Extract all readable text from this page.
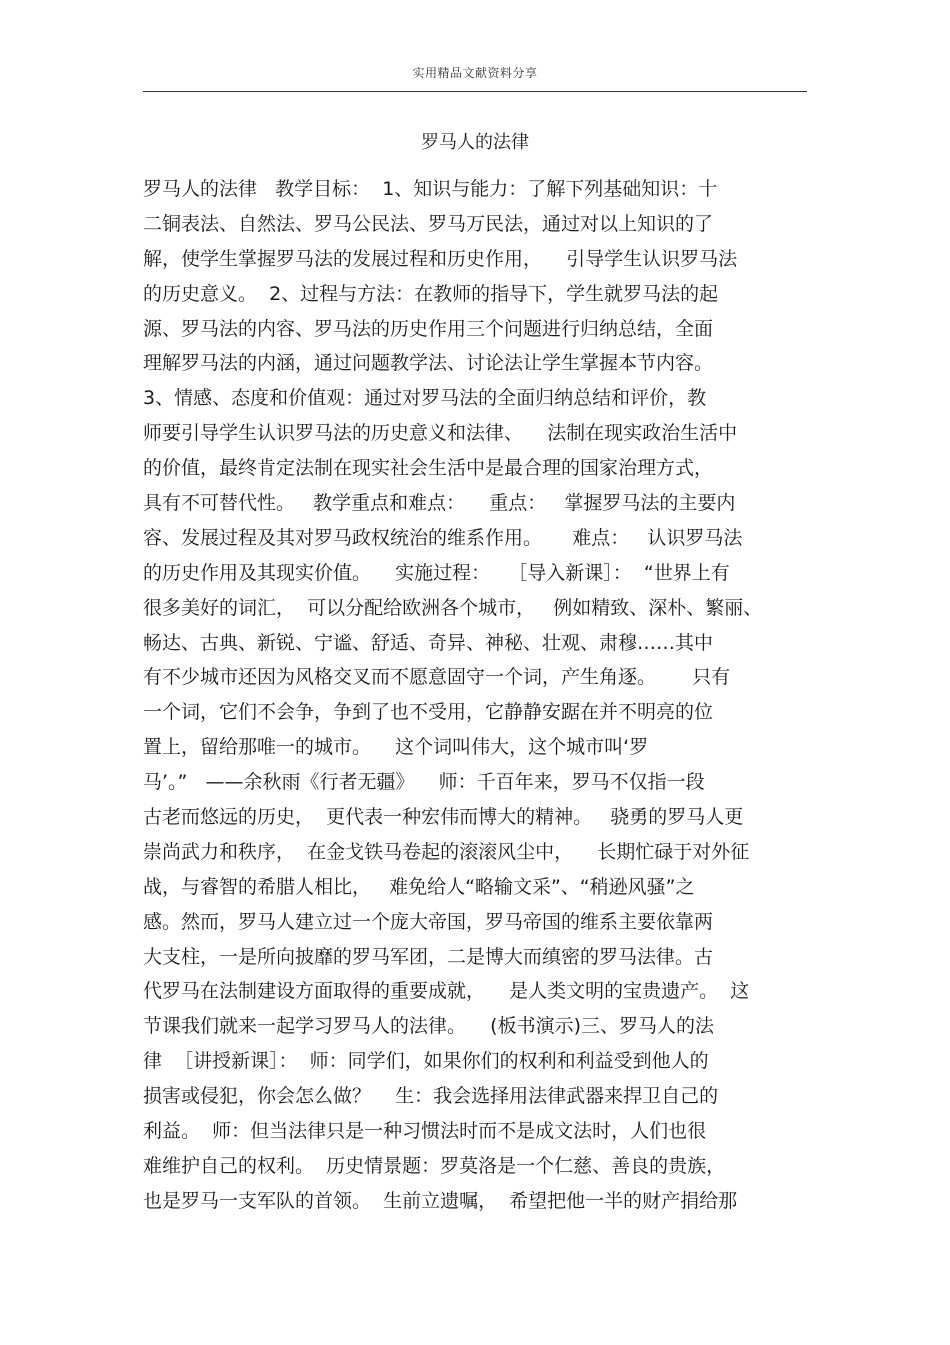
实用精品文献资料分享
罗马人的法律
罗马人的法律   教学目标：  1、知识与能力：了解下列基础知识：十
二铜表法、自然法、罗马公民法、罗马万民法，通过对以上知识的了
解，使学生掌握罗马法的发展过程和历史作用，    引导学生认识罗马法
的历史意义。  2、过程与方法：在教师的指导下，学生就罗马法的起
源、罗马法的内容、罗马法的历史作用三个问题进行归纳总结，全面
理解罗马法的内涵，通过问题教学法、讨论法让学生掌握本节内容。
3、情感、态度和价值观：通过对罗马法的全面归纳总结和评价，教
师要引导学生认识罗马法的历史意义和法律、    法制在现实政治生活中
的价值，最终肯定法制在现实社会生活中是最合理的国家治理方式，
具有不可替代性。   教学重点和难点：    重点：   掌握罗马法的主要内
容、发展过程及其对罗马政权统治的维系作用。     难点：   认识罗马法
的历史作用及其现实价值。    实施过程：   ［导入新课］：  “世界上有
很多美好的词汇，  可以分配给欧洲各个城市，   例如精致、深朴、繁丽、
畅达、古典、新锐、宁谧、舒适、奇异、神秘、壮观、肃穆……其中
有不少城市还因为风格交叉而不愿意固守一个词，产生角逐。      只有
一个词，它们不会争，争到了也不受用，它静静安踞在并不明亮的位
置上，留给那唯一的城市。    这个词叫伟大，这个城市叫‘罗
马’。”   ——余秋雨《行者无疆》    师：千百年来，罗马不仅指一段
古老而悠远的历史，  更代表一种宏伟而博大的精神。   骁勇的罗马人更
崇尚武力和秩序，  在金戈铁马卷起的滚滚风尘中，    长期忙碌于对外征
战，与睿智的希腊人相比，   难免给人“略输文采”、“稍逊风骚”之
感。然而，罗马人建立过一个庞大帝国，罗马帝国的维系主要依靠两
大支柱，一是所向披靡的罗马军团，二是博大而缜密的罗马法律。古
代罗马在法制建设方面取得的重要成就，    是人类文明的宝贵遗产。  这
节课我们就来一起学习罗马人的法律。    (板书演示)三、罗马人的法
律  ［讲授新课］：  师：同学们，如果你们的权利和利益受到他人的
损害或侵犯，你会怎么做？    生：我会选择用法律武器来捍卫自己的
利益。  师：但当法律只是一种习惯法时而不是成文法时，人们也很
难维护自己的权利。  历史情景题：罗莫洛是一个仁慈、善良的贵族，
也是罗马一支军队的首领。  生前立遗嘱，  希望把他一半的财产捐给那
